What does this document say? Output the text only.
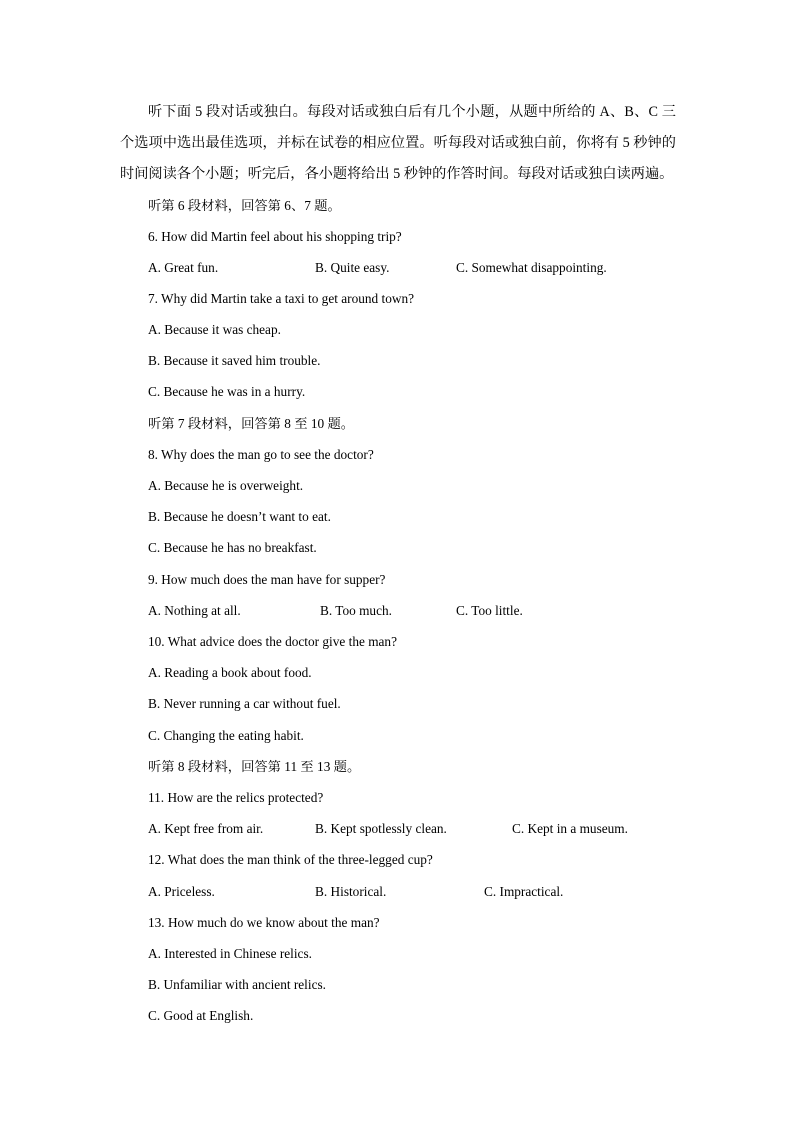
听下面 5 段对话或独白。每段对话或独白后有几个小题，从题中所给的 A、B、C 三个选项中选出最佳选项，并标在试卷的相应位置。听每段对话或独白前，你将有 5 秒钟的时间阅读各个小题；听完后，各小题将给出 5 秒钟的作答时间。每段对话或独白读两遍。

听第 6 段材料，回答第 6、7 题。
6. How did Martin feel about his shopping trip?
A. Great fun.	B. Quite easy.	C. Somewhat disappointing.
7. Why did Martin take a taxi to get around town?
A. Because it was cheap.
B. Because it saved him trouble.
C. Because he was in a hurry.
听第 7 段材料，回答第 8 至 10 题。
8. Why does the man go to see the doctor?
A. Because he is overweight.
B. Because he doesn’t want to eat.
C. Because he has no breakfast.
9. How much does the man have for supper?
A. Nothing at all.	B. Too much.	C. Too little.
10. What advice does the doctor give the man?
A. Reading a book about food.
B. Never running a car without fuel.
C. Changing the eating habit.
听第 8 段材料，回答第 11 至 13 题。
11. How are the relics protected?
A. Kept free from air.	B. Kept spotlessly clean.	C. Kept in a museum.
12. What does the man think of the three-legged cup?
A. Priceless.	B. Historical.	C. Impractical.
13. How much do we know about the man?
A. Interested in Chinese relics.
B. Unfamiliar with ancient relics.
C. Good at English.
